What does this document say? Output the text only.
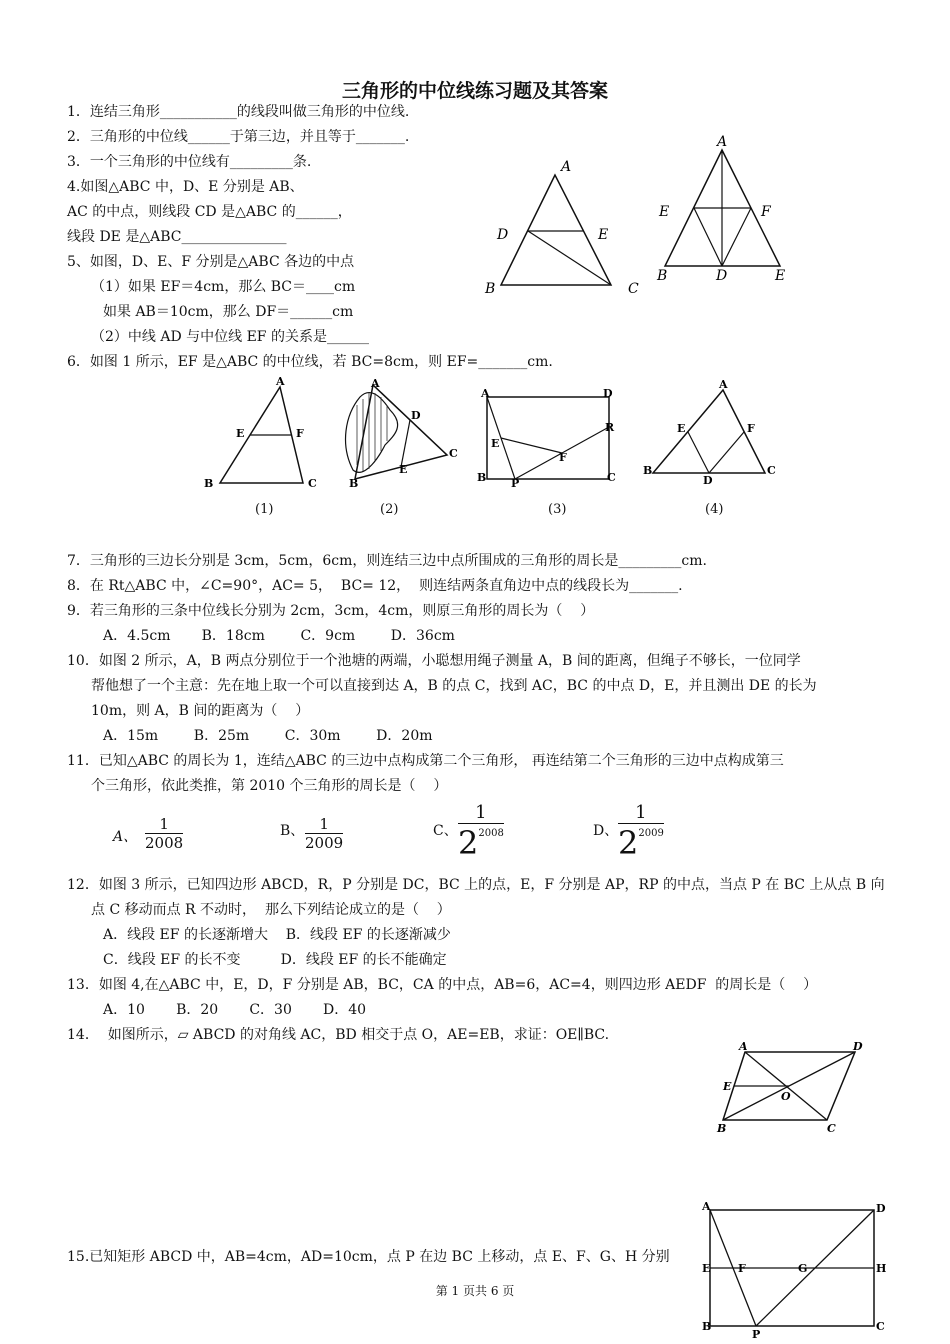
三角形的中位线练习题及其答案
1．连结三角形___________的线段叫做三角形的中位线.
2．三角形的中位线______于第三边，并且等于_______.
3．一个三角形的中位线有_________条.
4.如图△ABC 中，D、E 分别是 AB、
AC 的中点，则线段 CD 是△ABC 的______，
线段 DE 是△ABC_______________
5、如图，D、E、F 分别是△ABC 各边的中点
（1）如果 EF＝4cm，那么 BC＝____cm
如果 AB＝10cm，那么 DF＝______cm
（2）中线 AD 与中位线 EF 的关系是______
6．如图 1 所示，EF 是△ABC 的中位线，若 BC=8cm，则 EF=_______cm.
A
D	E
B	C
A
E	F
B	D	E
A
E	F
B	C
(1)
A
D
C
E
B
(2)
A	D
R
E
F
B P	C
(3)
A
E	F
B
D
C
(4)
7．三角形的三边长分别是 3cm，5cm，6cm，则连结三边中点所围成的三角形的周长是_________cm.
8．在 Rt△ABC 中，∠C=90°，AC= 5，  BC= 12，  则连结两条直角边中点的线段长为_______.
9．若三角形的三条中位线长分别为 2cm，3cm，4cm，则原三角形的周长为（    ）
A．4.5cm       B．18cm        C．9cm        D．36cm
10．如图 2 所示，A，B 两点分别位于一个池塘的两端，小聪想用绳子测量 A，B 间的距离，但绳子不够长，一位同学
帮他想了一个主意：先在地上取一个可以直接到达 A，B 的点 C，找到 AC，BC 的中点 D，E，并且测出 DE 的长为
10m，则 A，B 间的距离为（    ）
A．15m        B．25m        C．30m        D．20m
11．已知△ABC 的周长为 1，连结△ABC 的三边中点构成第二个三角形， 再连结第二个三角形的三边中点构成第三
个三角形，依此类推，第 2010 个三角形的周长是（    ）
A、 $\frac{1}{2008}$	B、 $\frac{1}{2009}$	C、
1
$2^{2008}$	D、
1
$2^{2009}$
12．如图 3 所示，已知四边形 ABCD，R，P 分别是 DC，BC 上的点，E，F 分别是 AP，RP 的中点，当点 P 在 BC 上从点 B 向
点 C 移动而点 R 不动时，  那么下列结论成立的是（    ）
A．线段 EF 的长逐渐增大    B．线段 EF 的长逐渐减少
C．线段 EF 的长不变         D．线段 EF 的长不能确定
13．如图 4,在△ABC 中，E，D，F 分别是 AB，BC，CA 的中点，AB=6，AC=4，则四边形 AEDF  的周长是（    ）
A．10       B．20       C．30       D．40
14．  如图所示，▱ ABCD 的对角线 AC，BD 相交于点 O，AE=EB，求证：OE∥BC.
A	D
E
O
B	C
15.已知矩形 ABCD 中，AB=4cm，AD=10cm，点 P 在边 BC 上移动，点 E、F、G、H 分别
A	D
E	F	G	H
B
P
C
第 1 页共 6 页
